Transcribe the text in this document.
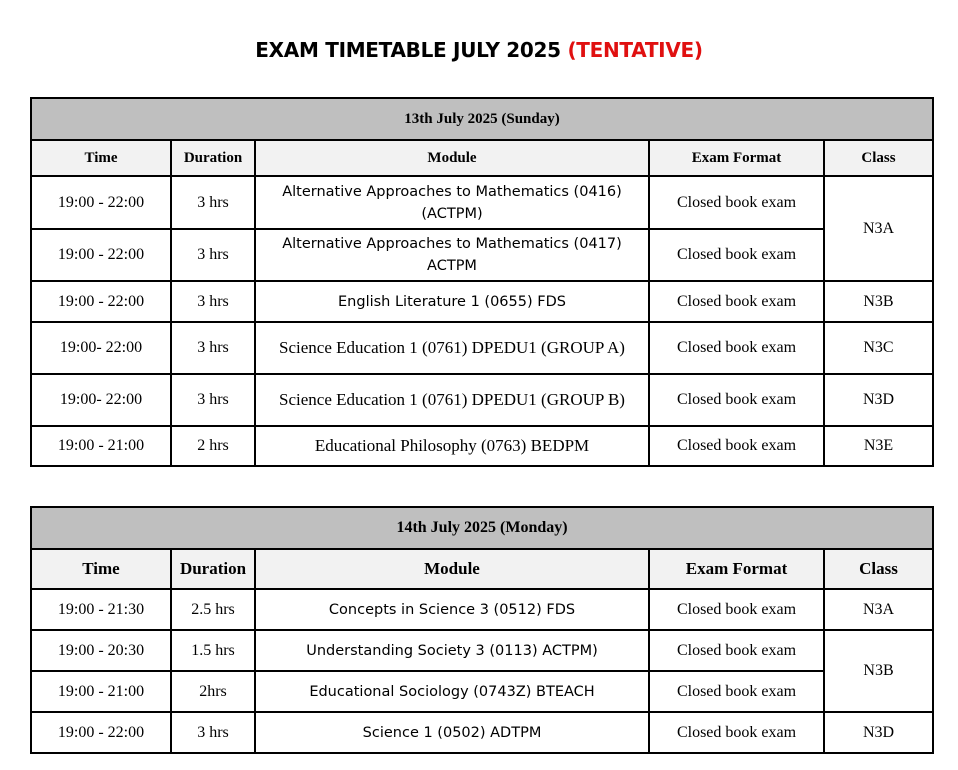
EXAM TIMETABLE JULY 2025 (TENTATIVE)
13th July 2025 (Sunday)				
Time	Duration	Module	Exam Format	Class
19:00 - 22:00	3 hrs	Alternative Approaches to Mathematics (0416)
(ACTPM)	Closed book exam	N3A
19:00 - 22:00	3 hrs	Alternative Approaches to Mathematics (0417)
ACTPM	Closed book exam	
19:00 - 22:00	3 hrs	English Literature 1 (0655) FDS	Closed book exam	N3B
19:00- 22:00	3 hrs	Science Education 1 (0761) DPEDU1 (GROUP A)	Closed book exam	N3C
19:00- 22:00	3 hrs	Science Education 1 (0761) DPEDU1 (GROUP B)	Closed book exam	N3D
19:00 - 21:00	2 hrs	Educational Philosophy (0763) BEDPM	Closed book exam	N3E
14th July 2025 (Monday)				
Time	Duration	Module	Exam Format	Class
19:00 - 21:30	2.5 hrs	Concepts in Science 3 (0512) FDS	Closed book exam	N3A
19:00 - 20:30	1.5 hrs	Understanding Society 3 (0113) ACTPM)	Closed book exam	N3B
19:00 - 21:00	2hrs	Educational Sociology (0743Z) BTEACH	Closed book exam	
19:00 - 22:00	3 hrs	Science 1 (0502) ADTPM	Closed book exam	N3D
